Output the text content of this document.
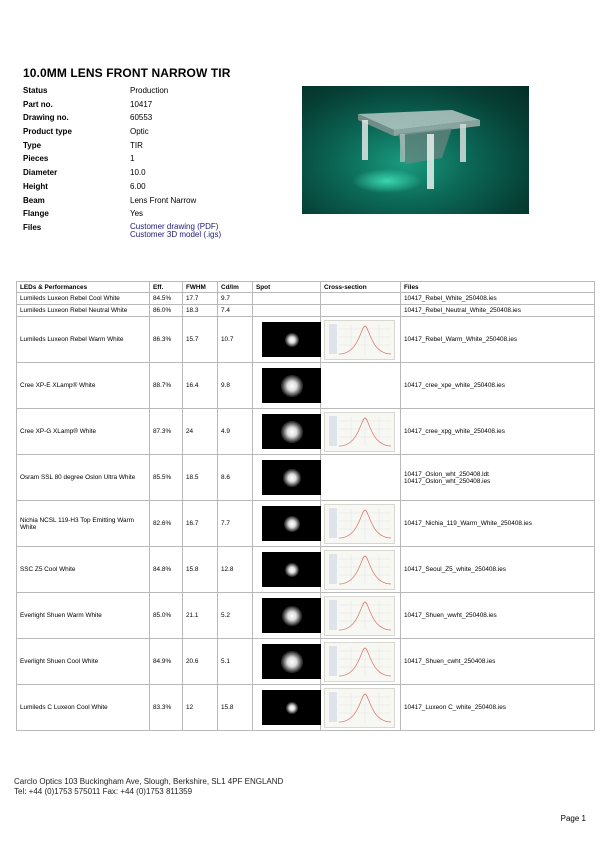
10.0MM LENS FRONT NARROW TIR
Status	Production
Part no.	10417
Drawing no.	60553
Product type	Optic
Type	TIR
Pieces	1
Diameter	10.0
Height	6.00
Beam	Lens Front Narrow
Flange	Yes
Files	Customer drawing (PDF)
Customer 3D model (.igs)
LEDs & Performances	Eff.	FWHM	Cd/lm	Spot	Cross-section	Files
Lumileds Luxeon Rebel Cool White	84.5%	17.7	9.7			10417_Rebel_White_250408.ies
Lumileds Luxeon Rebel Neutral White	86.0%	18.3	7.4			10417_Rebel_Neutral_White_250408.ies
Lumileds Luxeon Rebel Warm White	86.3%	15.7	10.7			10417_Rebel_Warm_White_250408.ies
Cree XP-E XLamp® White	88.7%	16.4	9.8			10417_cree_xpe_white_250408.ies
Cree XP-G XLamp® White	87.3%	24	4.9			10417_cree_xpg_white_250408.ies
Osram SSL 80 degree Oslon Ultra White	85.5%	18.5	8.6			10417_Oslon_wht_250408.ldt
10417_Oslon_wht_250408.ies
Nichia NCSL 119-H3 Top Emitting Warm White	82.6%	16.7	7.7			10417_Nichia_119_Warm_White_250408.ies
SSC Z5 Cool White	84.8%	15.8	12.8			10417_Seoul_Z5_white_250408.ies
Everlight Shuen Warm White	85.0%	21.1	5.2			10417_Shuen_wwht_250408.ies
Everlight Shuen Cool White	84.9%	20.6	5.1			10417_Shuen_cwht_250408.ies
Lumileds C Luxeon Cool White	83.3%	12	15.8			10417_Luxeon C_white_250408.ies
Carclo Optics 103 Buckingham Ave, Slough, Berkshire, SL1 4PF ENGLAND
Tel: +44 (0)1753 575011 Fax: +44 (0)1753 811359
Page 1
